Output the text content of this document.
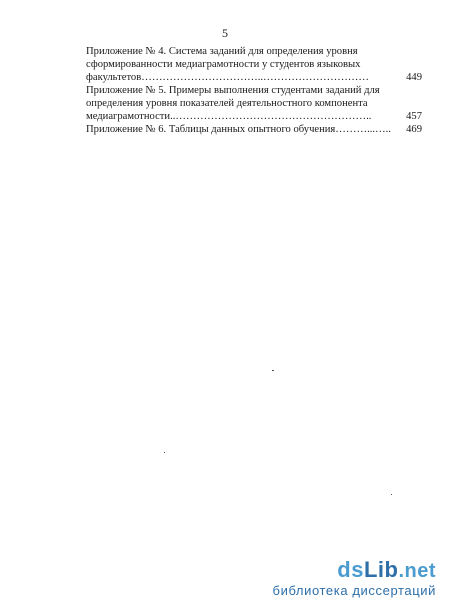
5
Приложение № 4. Система заданий для определения уровня
сформированности медиаграмотности у студентов языковых
факультетов……………………………..…………………………	449
Приложение № 5. Примеры выполнения студентами заданий для
определения уровня показателей деятельностного компонента
медиаграмотности..………………………………………………..	457
Приложение № 6. Таблицы данных опытного обучения………...…..	469
dsLib.net
библиотека диссертаций
